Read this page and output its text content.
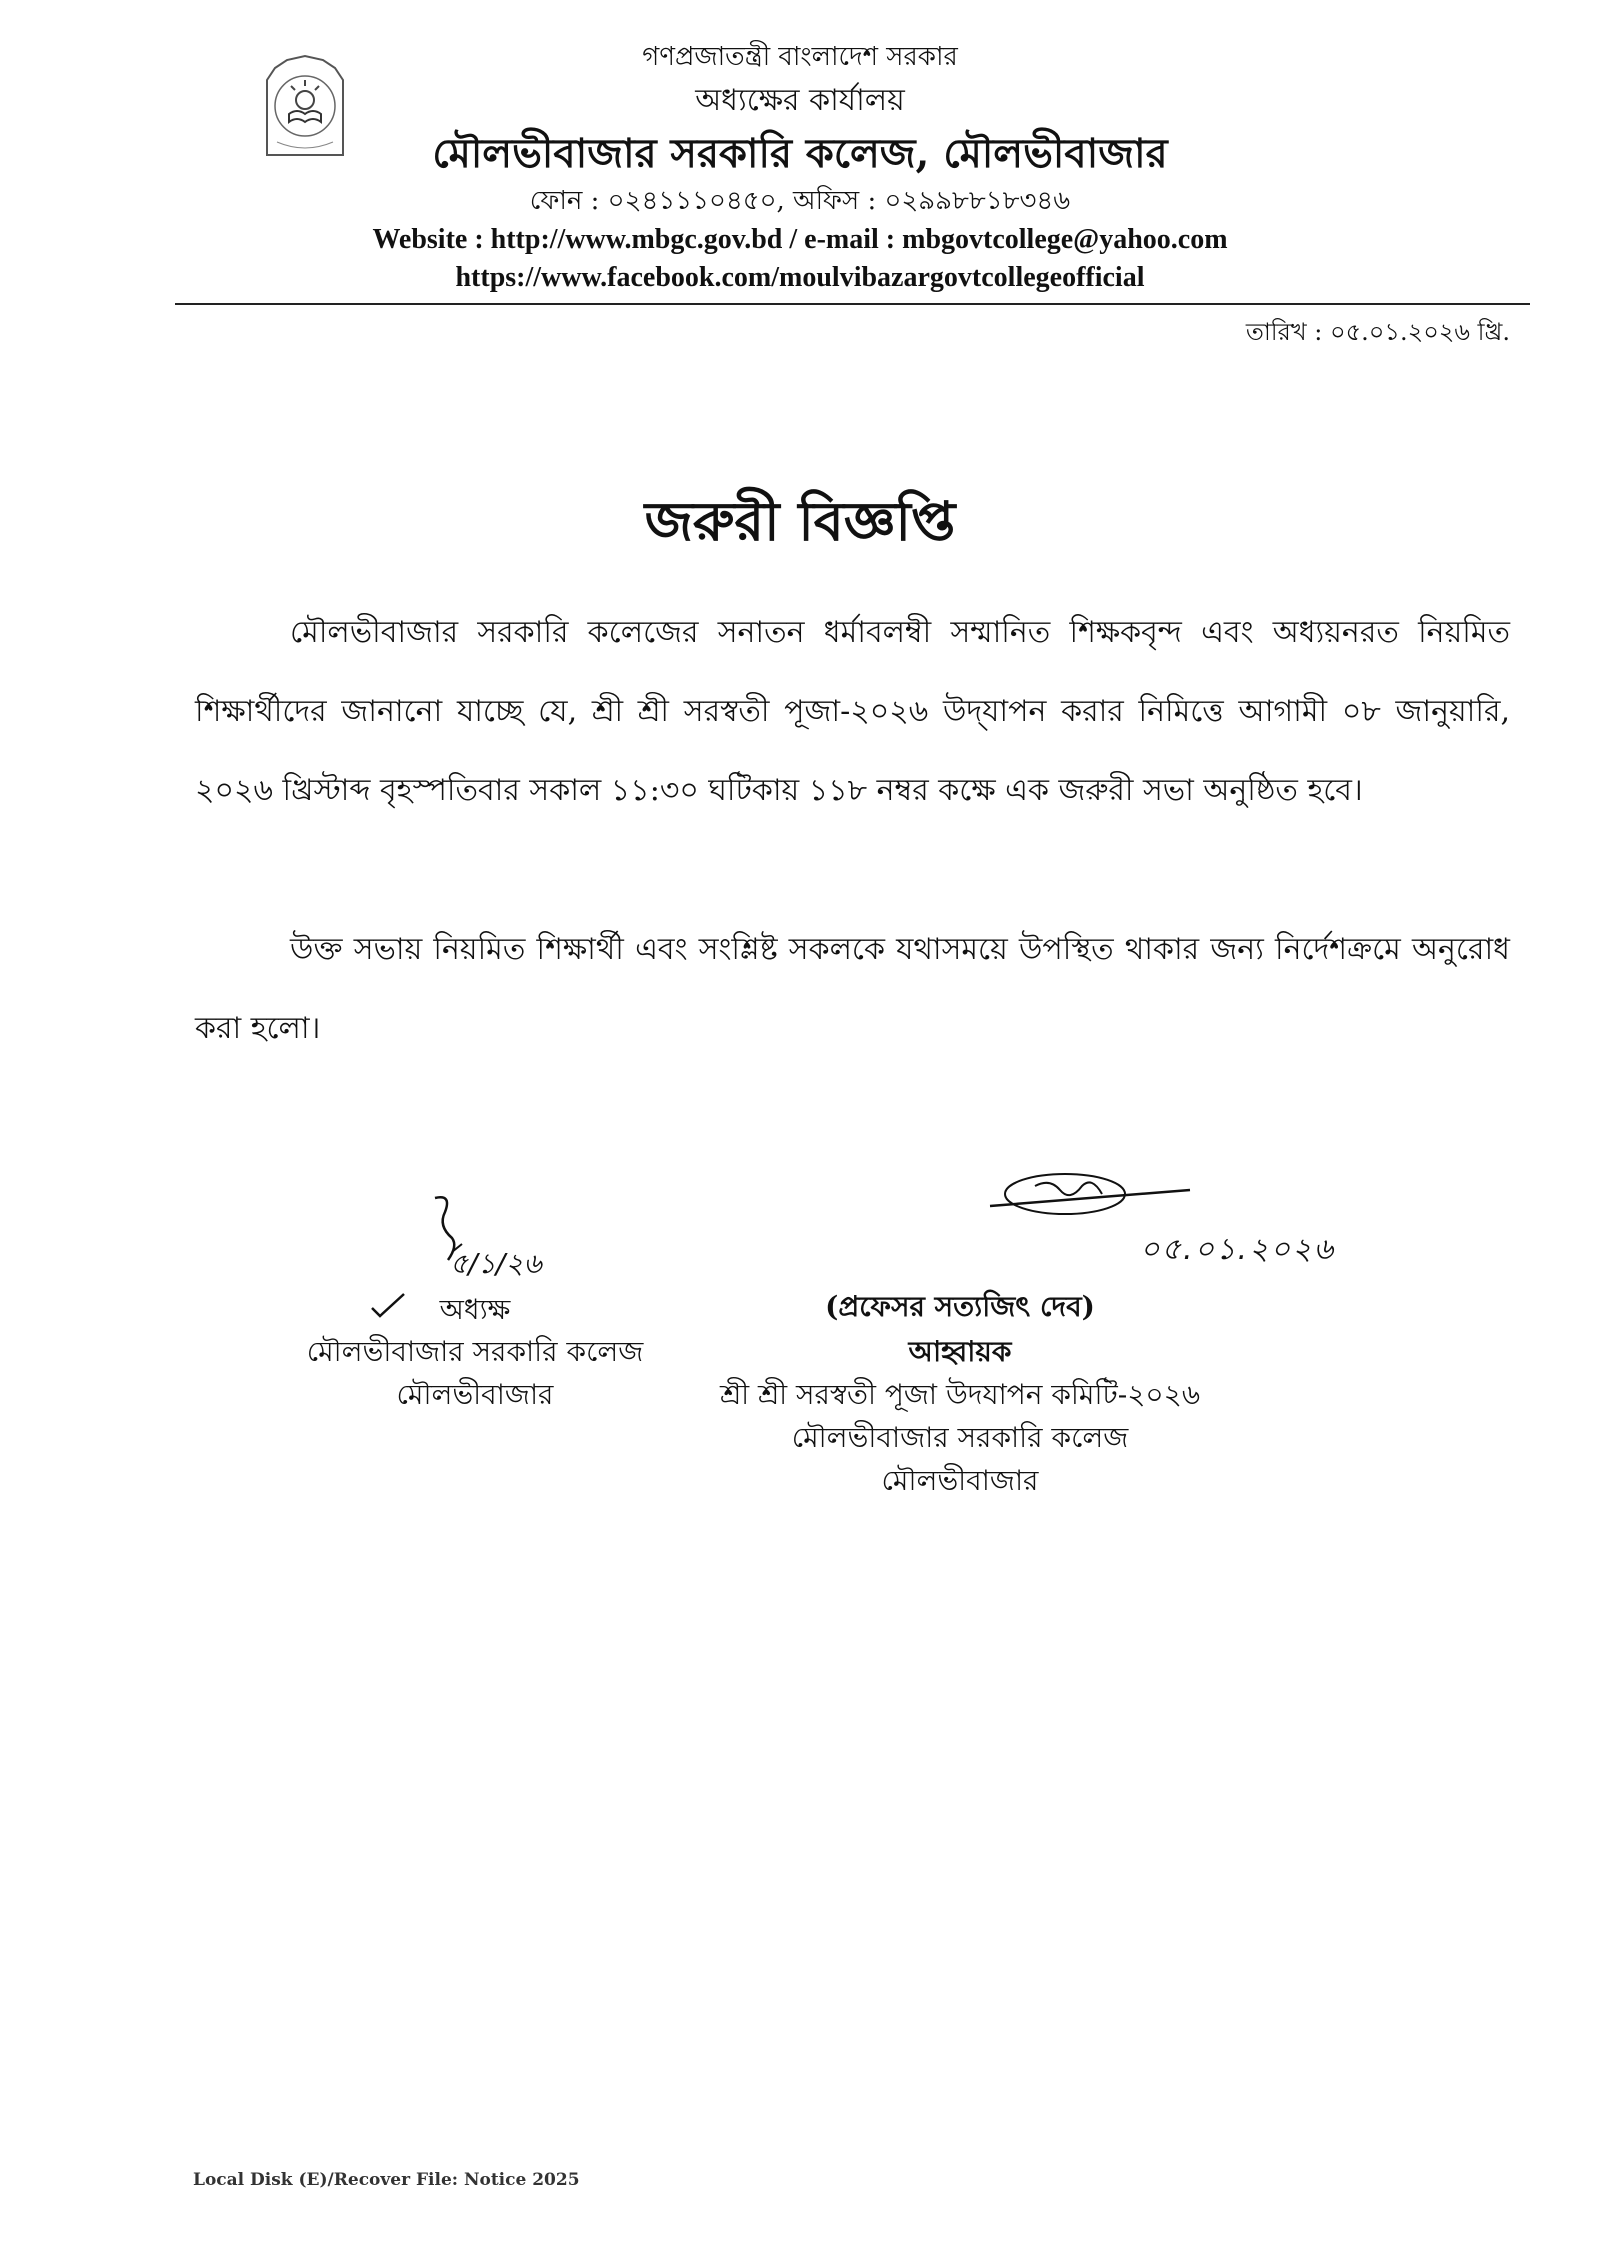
গণপ্রজাতন্ত্রী বাংলাদেশ সরকার
অধ্যক্ষের কার্যালয়
মৌলভীবাজার সরকারি কলেজ, মৌলভীবাজার
ফোন : ০২৪১১১০৪৫০, অফিস : ০২৯৯৮৮১৮৩৪৬
Website : http://www.mbgc.gov.bd / e-mail : mbgovtcollege@yahoo.com
https://www.facebook.com/moulvibazargovtcollegeofficial
তারিখ : ০৫.০১.২০২৬ খ্রি.
জরুরী বিজ্ঞপ্তি
মৌলভীবাজার সরকারি কলেজের সনাতন ধর্মাবলম্বী সম্মানিত শিক্ষকবৃন্দ এবং অধ্যয়নরত নিয়মিত শিক্ষার্থীদের জানানো যাচ্ছে যে, শ্রী শ্রী সরস্বতী পূজা-২০২৬ উদ্‌যাপন করার নিমিত্তে আগামী ০৮ জানুয়ারি, ২০২৬ খ্রিস্টাব্দ বৃহস্পতিবার সকাল ১১:৩০ ঘটিকায় ১১৮ নম্বর কক্ষে এক জরুরী সভা অনুষ্ঠিত হবে।
উক্ত সভায় নিয়মিত শিক্ষার্থী এবং সংশ্লিষ্ট সকলকে যথাসময়ে উপস্থিত থাকার জন্য নির্দেশক্রমে অনুরোধ করা হলো।
৫/১/২৬
অধ্যক্ষ
মৌলভীবাজার সরকারি কলেজ
মৌলভীবাজার
০৫.০১.২০২৬
(প্রফেসর সত্যজিৎ দেব)
আহ্বায়ক
শ্রী শ্রী সরস্বতী পূজা উদযাপন কমিটি-২০২৬
মৌলভীবাজার সরকারি কলেজ
মৌলভীবাজার
Local Disk (E)/Recover File: Notice 2025
